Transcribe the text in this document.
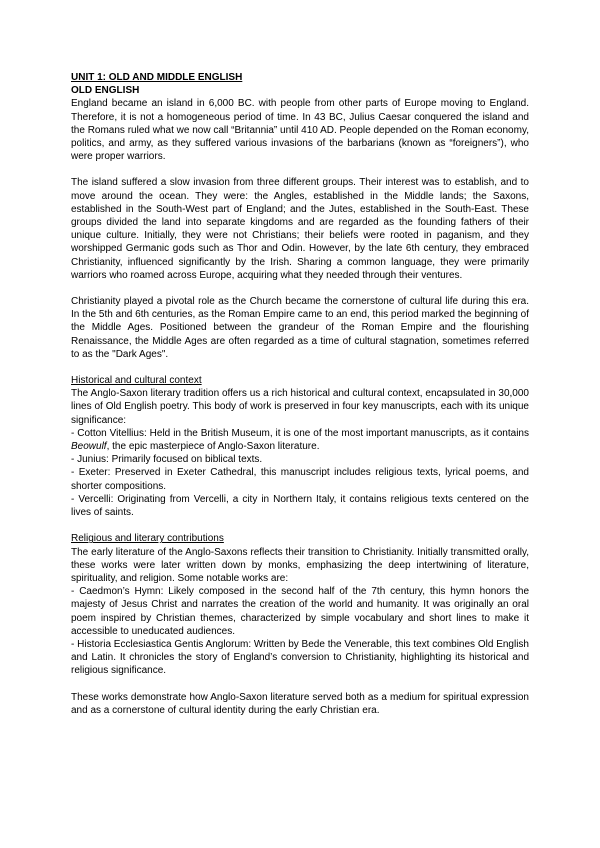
UNIT 1: OLD AND MIDDLE ENGLISH
OLD ENGLISH

England became an island in 6,000 BC. with people from other parts of Europe moving to England. Therefore, it is not a homogeneous period of time. In 43 BC, Julius Caesar conquered the island and the Romans ruled what we now call “Britannia” until 410 AD. People depended on the Roman economy, politics, and army, as they suffered various invasions of the barbarians (known as “foreigners”), who were proper warriors.

The island suffered a slow invasion from three different groups. Their interest was to establish, and to move around the ocean. They were: the Angles, established in the Middle lands; the Saxons, established in the South-West part of England; and the Jutes, established in the South-East. These groups divided the land into separate kingdoms and are regarded as the founding fathers of their unique culture. Initially, they were not Christians; their beliefs were rooted in paganism, and they worshipped Germanic gods such as Thor and Odin. However, by the late 6th century, they embraced Christianity, influenced significantly by the Irish. Sharing a common language, they were primarily warriors who roamed across Europe, acquiring what they needed through their ventures.

Christianity played a pivotal role as the Church became the cornerstone of cultural life during this era. In the 5th and 6th centuries, as the Roman Empire came to an end, this period marked the beginning of the Middle Ages. Positioned between the grandeur of the Roman Empire and the flourishing Renaissance, the Middle Ages are often regarded as a time of cultural stagnation, sometimes referred to as the "Dark Ages".

Historical and cultural context

The Anglo-Saxon literary tradition offers us a rich historical and cultural context, encapsulated in 30,000 lines of Old English poetry. This body of work is preserved in four key manuscripts, each with its unique significance:

- Cotton Vitellius: Held in the British Museum, it is one of the most important manuscripts, as it contains Beowulf, the epic masterpiece of Anglo-Saxon literature.

- Junius: Primarily focused on biblical texts.

- Exeter: Preserved in Exeter Cathedral, this manuscript includes religious texts, lyrical poems, and shorter compositions.

- Vercelli: Originating from Vercelli, a city in Northern Italy, it contains religious texts centered on the lives of saints.

Religious and literary contributions

The early literature of the Anglo-Saxons reflects their transition to Christianity. Initially transmitted orally, these works were later written down by monks, emphasizing the deep intertwining of literature, spirituality, and religion. Some notable works are:

- Caedmon’s Hymn: Likely composed in the second half of the 7th century, this hymn honors the majesty of Jesus Christ and narrates the creation of the world and humanity. It was originally an oral poem inspired by Christian themes, characterized by simple vocabulary and short lines to make it accessible to uneducated audiences.

- Historia Ecclesiastica Gentis Anglorum: Written by Bede the Venerable, this text combines Old English and Latin. It chronicles the story of England’s conversion to Christianity, highlighting its historical and religious significance.

These works demonstrate how Anglo-Saxon literature served both as a medium for spiritual expression and as a cornerstone of cultural identity during the early Christian era.
